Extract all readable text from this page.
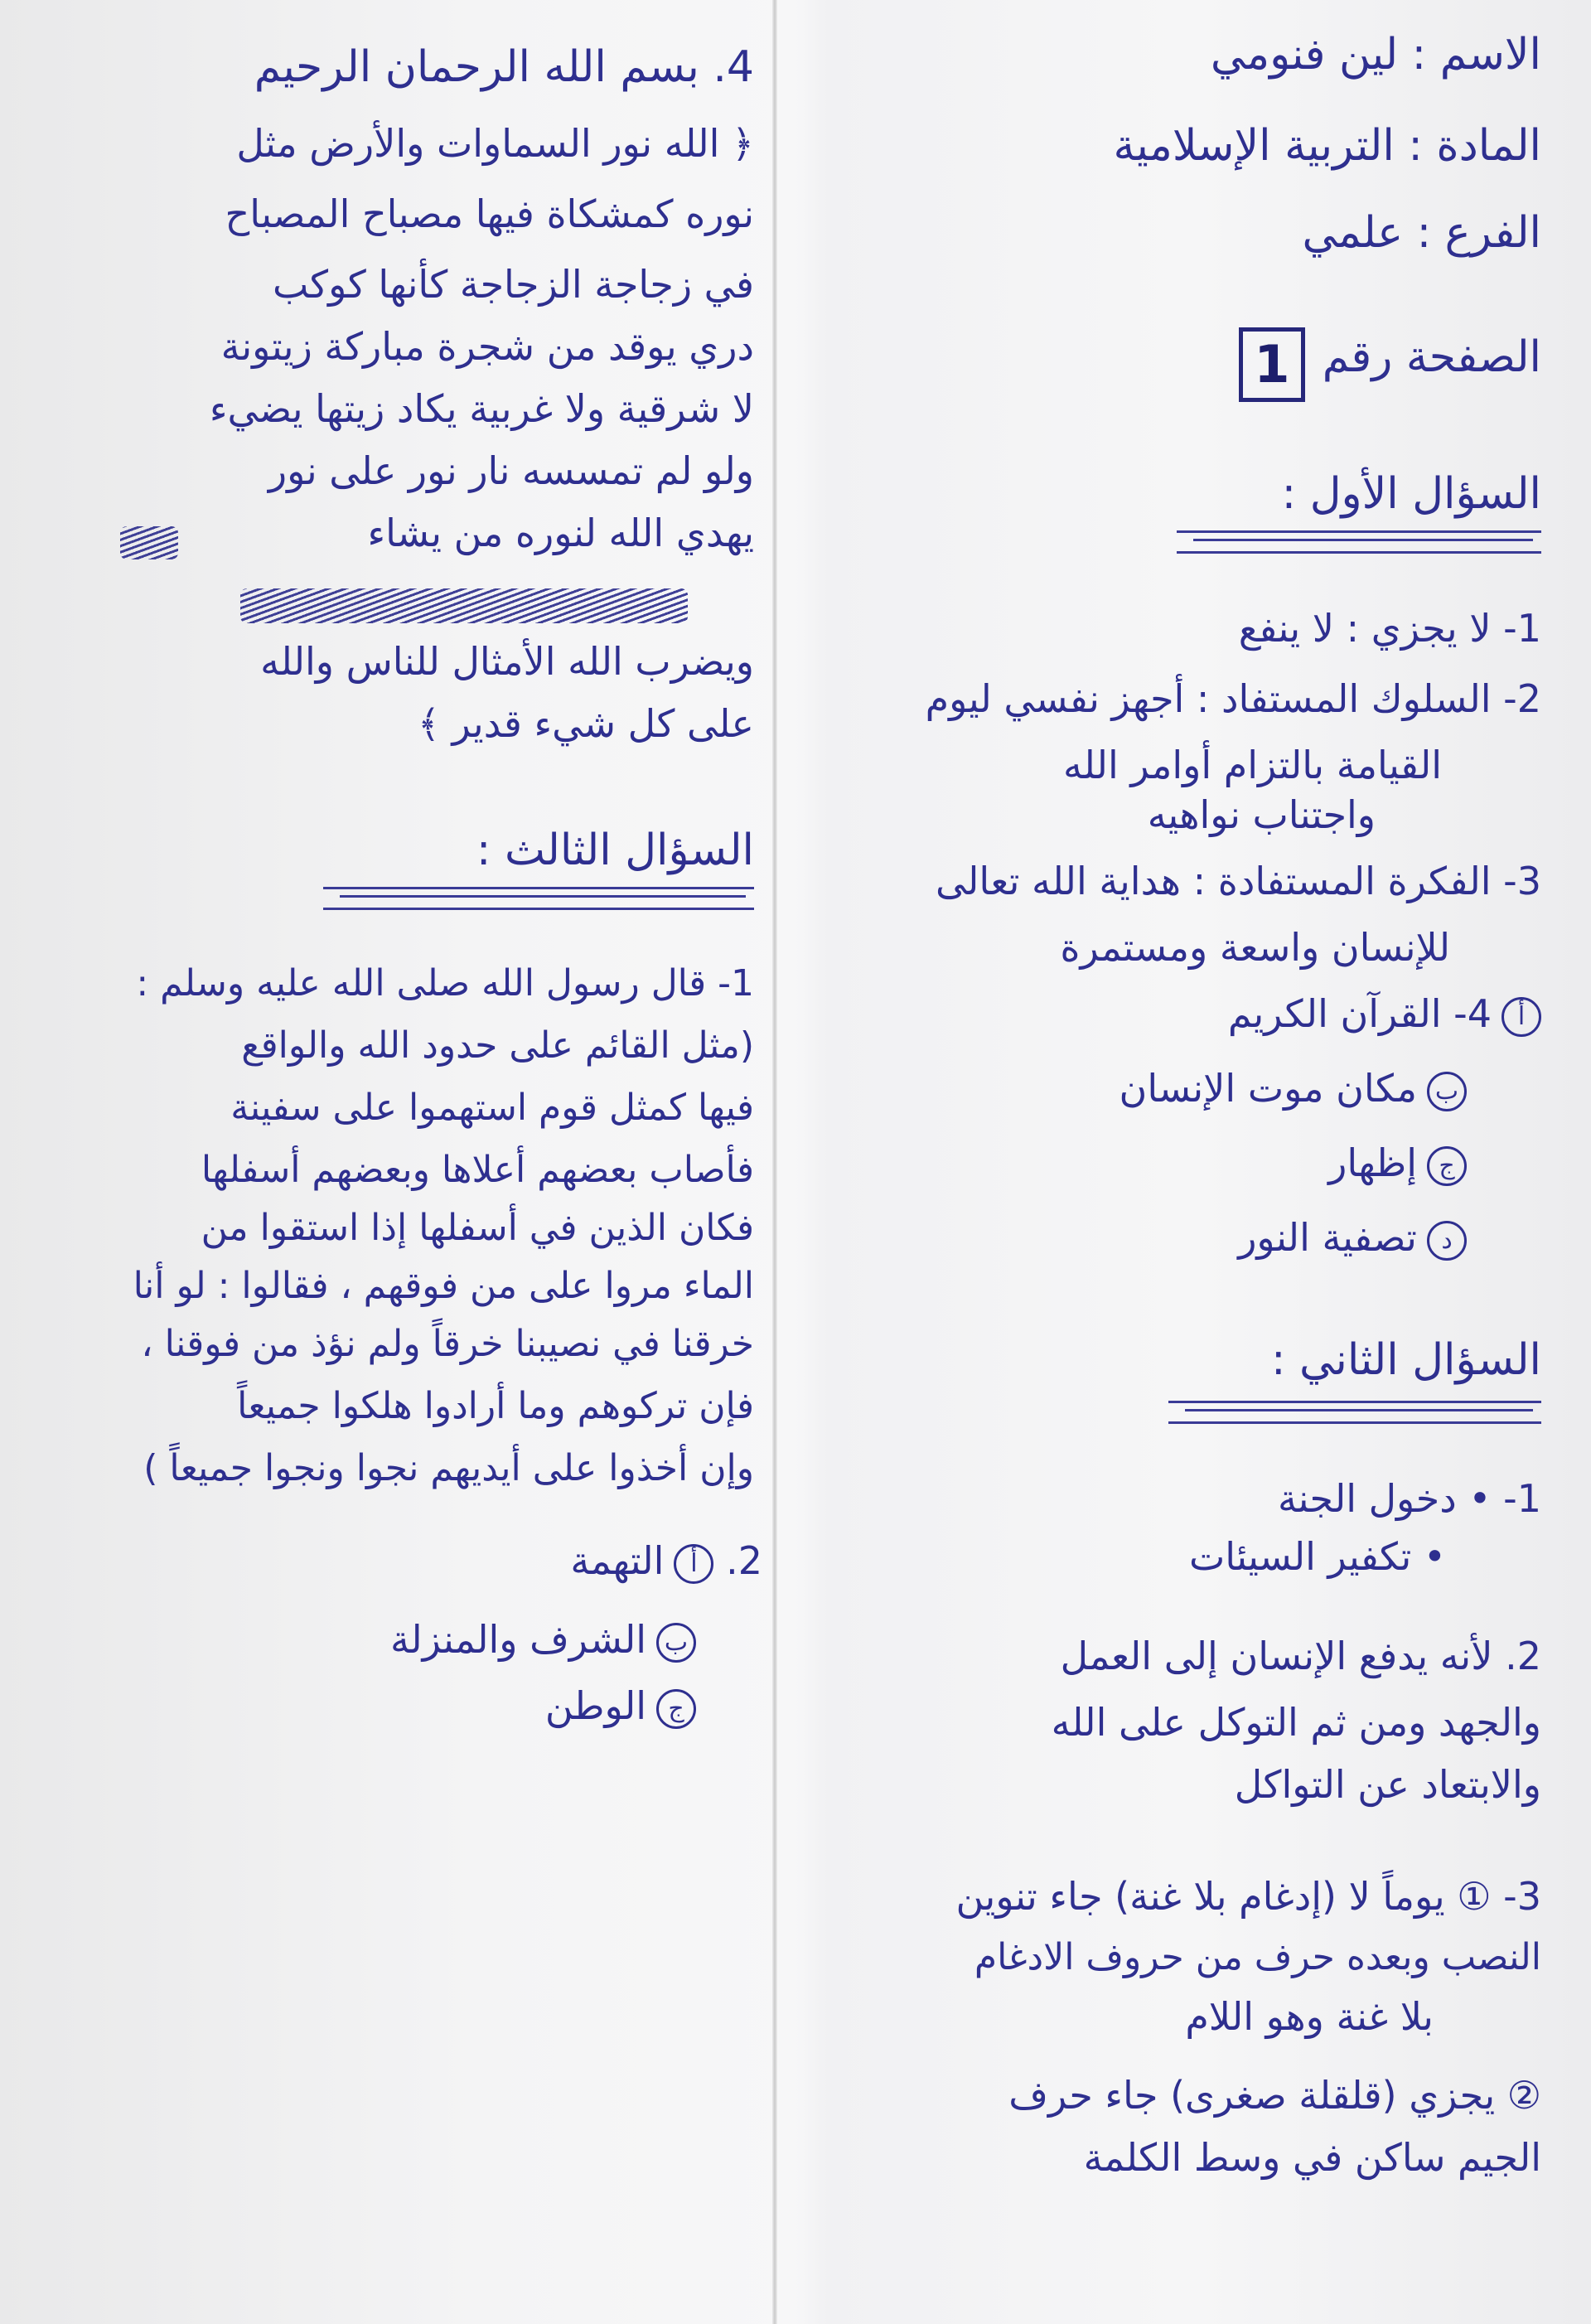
الاسم : لين فنومي
المادة : التربية الإسلامية
الفرع : علمي
1 الصفحة رقم
السؤال الأول :
1- لا يجزي : لا ينفع
2- السلوك المستفاد : أجهز نفسي ليوم
القيامة بالتزام أوامر الله
واجتناب نواهيه
3- الفكرة المستفادة : هداية الله تعالى
للإنسان واسعة ومستمرة
أ4- القرآن الكريم
بمكان موت الإنسان
جإظهار
دتصفية النور
السؤال الثاني :
1- • دخول الجنة
• تكفير السيئات
2. لأنه يدفع الإنسان إلى العمل
والجهد ومن ثم التوكل على الله
والابتعاد عن التواكل
3- ① يوماً لا (إدغام بلا غنة) جاء تنوين
النصب وبعده حرف من حروف الادغام
بلا غنة وهو اللام
② يجزي (قلقلة صغرى) جاء حرف
الجيم ساكن في وسط الكلمة
4. بسم الله الرحمان الرحيم
﴿ الله نور السماوات والأرض مثل
نوره كمشكاة فيها مصباح المصباح
في زجاجة الزجاجة كأنها كوكب
دري يوقد من شجرة مباركة زيتونة
لا شرقية ولا غربية يكاد زيتها يضيء
ولو لم تمسسه نار نور على نور
يهدي الله لنوره من يشاء
ويضرب الله الأمثال للناس والله
على كل شيء قدير ﴾
السؤال الثالث :
1- قال رسول الله صلى الله عليه وسلم :
(مثل القائم على حدود الله والواقع
فيها كمثل قوم استهموا على سفينة
فأصاب بعضهم أعلاها وبعضهم أسفلها
فكان الذين في أسفلها إذا استقوا من
الماء مروا على من فوقهم ، فقالوا : لو أنا
خرقنا في نصيبنا خرقاً ولم نؤذ من فوقنا ،
فإن تركوهم وما أرادوا هلكوا جميعاً
وإن أخذوا على أيديهم نجوا ونجوا جميعاً )
2. أالتهمة
بالشرف والمنزلة
جالوطن
